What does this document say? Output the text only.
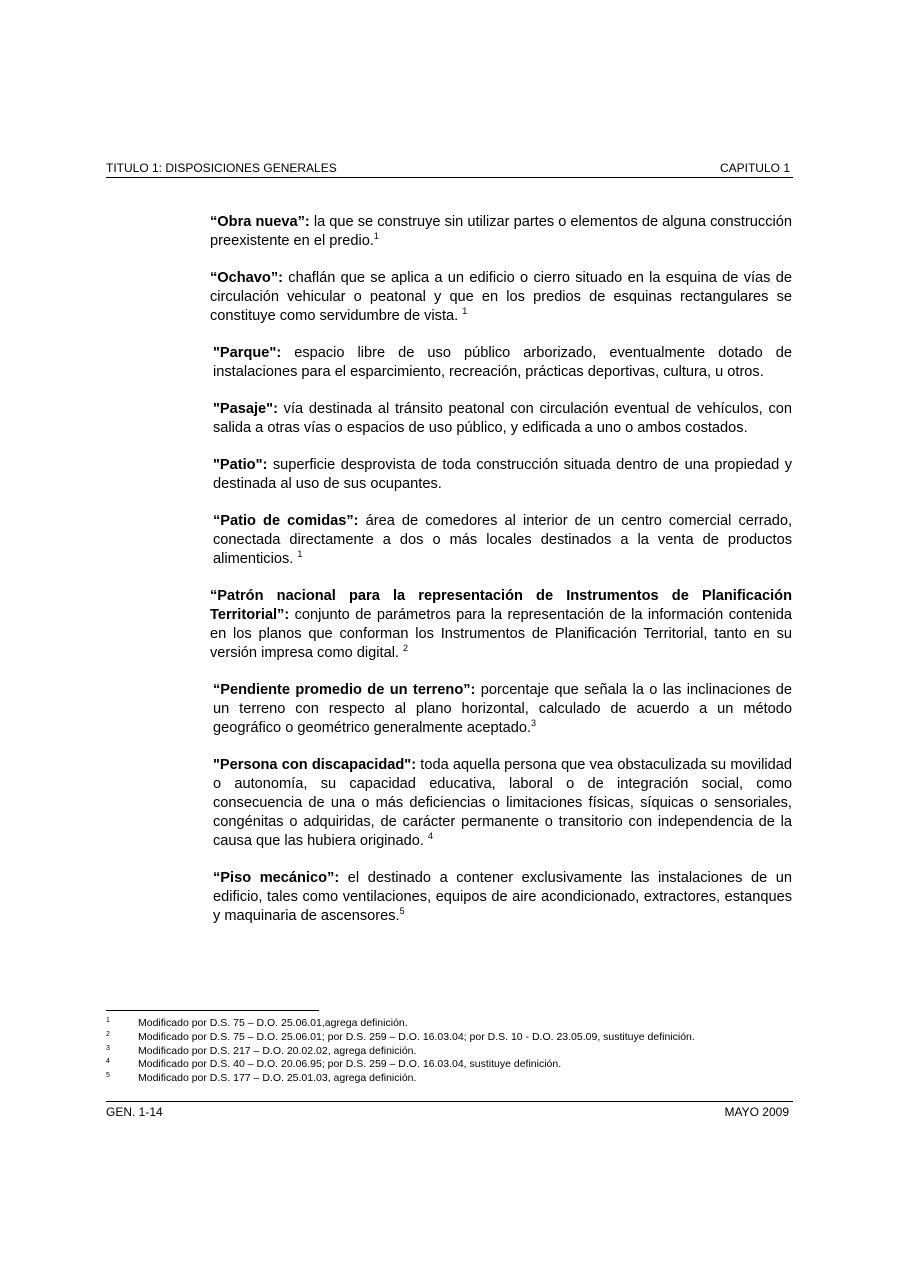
TITULO 1: DISPOSICIONES GENERALES	CAPITULO 1

“Obra nueva”: la que se construye sin utilizar partes o elementos de alguna construcción preexistente en el predio.$^1$

“Ochavo”: chaflán que se aplica a un edificio o cierro situado en la esquina de vías de circulación vehicular o peatonal y que en los predios de esquinas rectangulares se constituye como servidumbre de vista. $^1$

"Parque": espacio libre de uso público arborizado, eventualmente dotado de instalaciones para el esparcimiento, recreación, prácticas deportivas, cultura, u otros.

"Pasaje": vía destinada al tránsito peatonal con circulación eventual de vehículos, con salida a otras vías o espacios de uso público, y edificada a uno o ambos costados.

"Patio": superficie desprovista de toda construcción situada dentro de una propiedad y destinada al uso de sus ocupantes.

“Patio de comidas”: área de comedores al interior de un centro comercial cerrado, conectada directamente a dos o más locales destinados a la venta de productos alimenticios. $^1$

“Patrón nacional para la representación de Instrumentos de Planificación Territorial”: conjunto de parámetros para la representación de la información contenida en los planos que conforman los Instrumentos de Planificación Territorial, tanto en su versión impresa como digital. $^2$

“Pendiente promedio de un terreno”: porcentaje que señala la o las inclinaciones de un terreno con respecto al plano horizontal, calculado de acuerdo a un método geográfico o geométrico generalmente aceptado.$^3$

"Persona con discapacidad": toda aquella persona que vea obstaculizada su movilidad o autonomía, su capacidad educativa, laboral o de integración social, como consecuencia de una o más deficiencias o limitaciones físicas, síquicas o sensoriales, congénitas o adquiridas, de carácter permanente o transitorio con independencia de la causa que las hubiera originado. $^4$

“Piso mecánico”: el destinado a contener exclusivamente las instalaciones de un edificio, tales como ventilaciones, equipos de aire acondicionado, extractores, estanques y maquinaria de ascensores.$^5$

1	Modificado por D.S. 75 – D.O. 25.06.01,agrega definición.
2	Modificado por D.S. 75 – D.O. 25.06.01; por D.S. 259 – D.O. 16.03.04; por D.S. 10 - D.O. 23.05.09, sustituye definición.
3	Modificado por D.S. 217 – D.O. 20.02.02, agrega definición.
4	Modificado por D.S. 40 – D.O. 20.06.95; por D.S. 259 – D.O. 16.03.04, sustituye definición.
5	Modificado por D.S. 177 – D.O. 25.01.03, agrega definición.
GEN. 1-14	MAYO 2009
